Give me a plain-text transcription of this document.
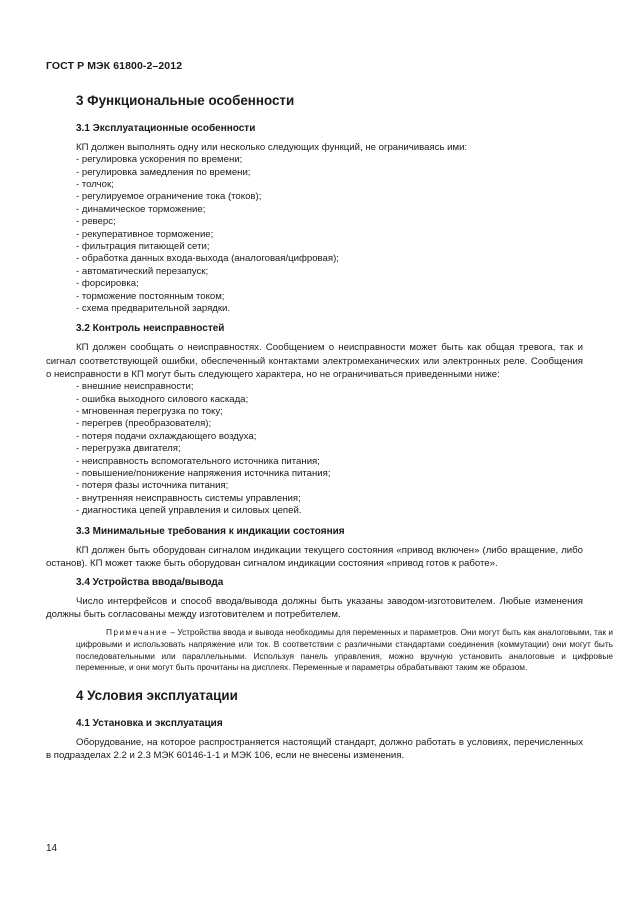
ГОСТ Р МЭК 61800-2–2012
3 Функциональные особенности
3.1 Эксплуатационные особенности

КП должен выполнять одну или несколько следующих функций, не ограничиваясь ими:

- регулировка ускорения по времени;
- регулировка замедления по времени;
- толчок;
- регулируемое ограничение тока (токов);
- динамическое торможение;
- реверс;
- рекуперативное торможение;
- фильтрация питающей сети;
- обработка данных входа-выхода (аналоговая/цифровая);
- автоматический перезапуск;
- форсировка;
- торможение постоянным током;
- схема предварительной зарядки.
3.2 Контроль неисправностей

КП должен сообщать о неисправностях. Сообщением о неисправности может быть как общая тревога, так и сигнал соответствующей ошибки, обеспеченный контактами электромеханических или электронных реле. Сообщения о неисправности в КП могут быть следующего характера, но не ограничиваться приведенными ниже:

- внешние неисправности;
- ошибка выходного силового каскада;
- мгновенная перегрузка по току;
- перегрев (преобразователя);
- потеря подачи охлаждающего воздуха;
- перегрузка двигателя;
- неисправность вспомогательного источника питания;
- повышение/понижение напряжения источника питания;
- потеря фазы источника питания;
- внутренняя неисправность системы управления;
- диагностика цепей управления и силовых цепей.
3.3 Минимальные требования к индикации состояния

КП должен быть оборудован сигналом индикации текущего состояния «привод включен» (либо вращение, либо останов). КП может также быть оборудован сигналом индикации состояния «привод готов к работе».

3.4 Устройства ввода/вывода

Число интерфейсов и способ ввода/вывода должны быть указаны заводом-изготовителем. Любые изменения должны быть согласованы между изготовителем и потребителем.

Примечание – Устройства ввода и вывода необходимы для переменных и параметров. Они могут быть как аналоговыми, так и цифровыми и использовать напряжение или ток. В соответствии с различными стандартами соединения (коммутации) они могут быть последовательными или параллельными. Используя панель управления, можно вручную установить аналоговые и цифровые переменные, и они могут быть прочитаны на дисплеях. Переменные и параметры обрабатывают таким же образом.

4 Условия эксплуатации
4.1 Установка и эксплуатация

Оборудование, на которое распространяется настоящий стандарт, должно работать в условиях, перечисленных в подразделах 2.2 и 2.3 МЭК 60146-1-1 и МЭК 106, если не внесены изменения.

14
